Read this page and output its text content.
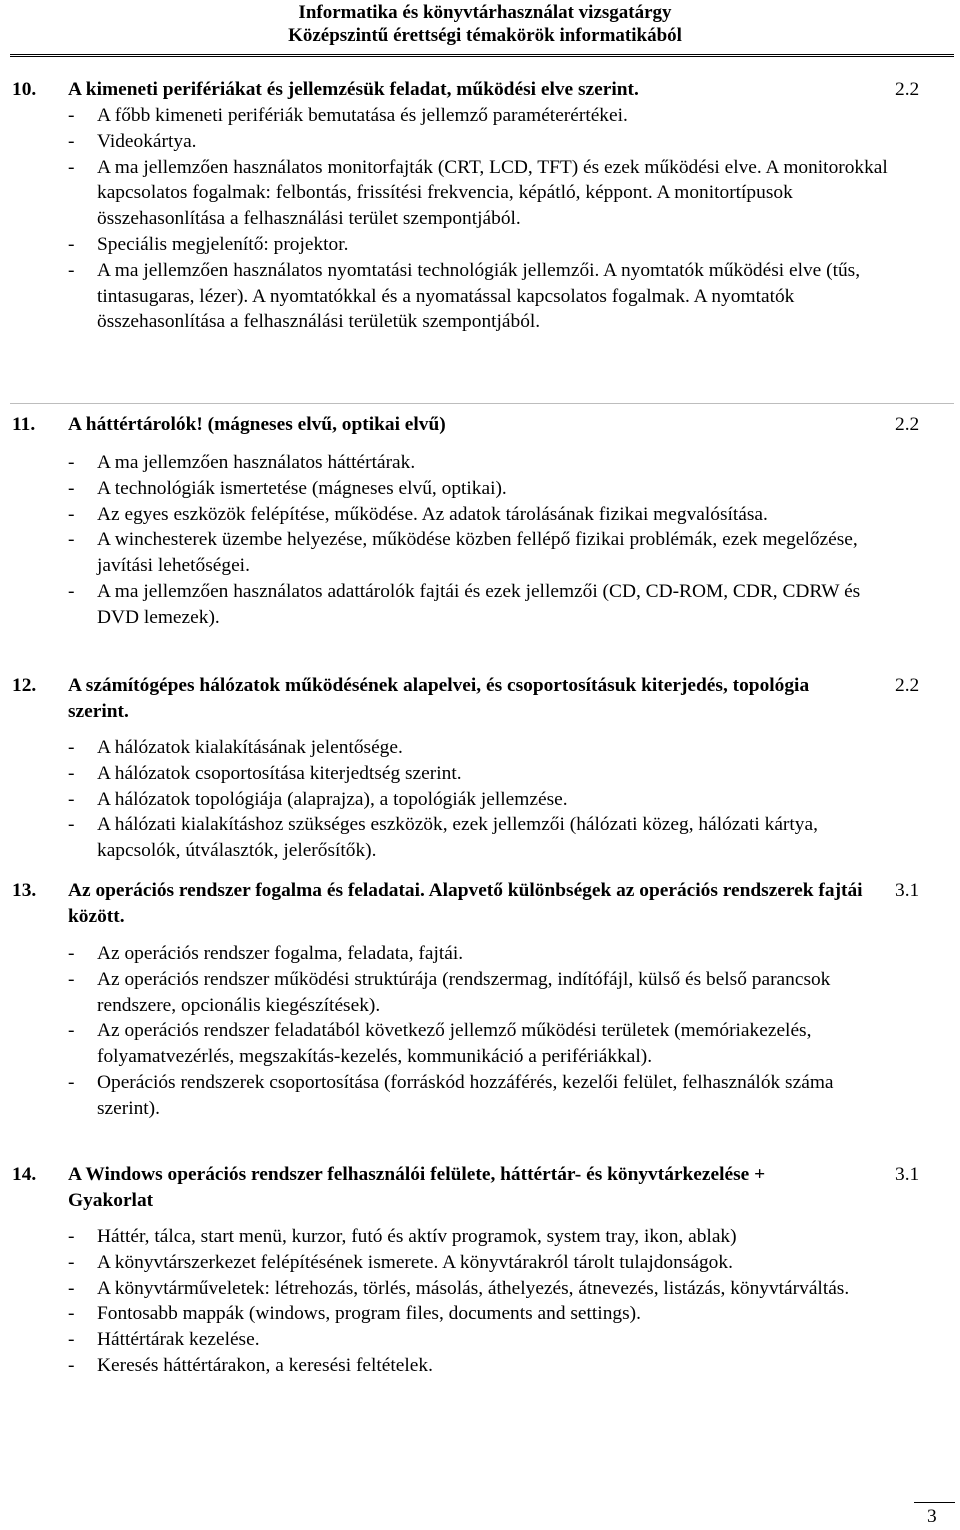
Informatika és könyvtárhasználat vizsgatárgy
Középszintű érettségi témakörök informatikából
10. A kimeneti perifériákat és jellemzésük feladat, működési elve szerint.	2.2
- A főbb kimeneti perifériák bemutatása és jellemző paraméterértékei.
- Videokártya.
- A ma jellemzően használatos monitorfajták (CRT, LCD, TFT) és ezek működési elve. A monitorokkal kapcsolatos fogalmak: felbontás, frissítési frekvencia, képátló, képpont. A monitortípusok összehasonlítása a felhasználási terület szempontjából.
- Speciális megjelenítő: projektor.
- A ma jellemzően használatos nyomtatási technológiák jellemzői. A nyomtatók működési elve (tűs, tintasugaras, lézer). A nyomtatókkal és a nyomatással kapcsolatos fogalmak. A nyomtatók összehasonlítása a felhasználási területük szempontjából.
11. A háttértárolók! (mágneses elvű, optikai elvű)	2.2
- A ma jellemzően használatos háttértárak.
- A technológiák ismertetése (mágneses elvű, optikai).
- Az egyes eszközök felépítése, működése. Az adatok tárolásának fizikai megvalósítása.
- A winchesterek üzembe helyezése, működése közben fellépő fizikai problémák, ezek megelőzése, javítási lehetőségei.
- A ma jellemzően használatos adattárolók fajtái és ezek jellemzői (CD, CD-ROM, CDR, CDRW és DVD lemezek).
12. A számítógépes hálózatok működésének alapelvei, és csoportosításuk kiterjedés, topológia szerint.
2.2
- A hálózatok kialakításának jelentősége.
- A hálózatok csoportosítása kiterjedtség szerint.
- A hálózatok topológiája (alaprajza), a topológiák jellemzése.
- A hálózati kialakításhoz szükséges eszközök, ezek jellemzői (hálózati közeg, hálózati kártya, kapcsolók, útválasztók, jelerősítők).
13. Az operációs rendszer fogalma és feladatai. Alapvető különbségek az operációs rendszerek fajtái között.
3.1
- Az operációs rendszer fogalma, feladata, fajtái.
- Az operációs rendszer működési struktúrája (rendszermag, indítófájl, külső és belső parancsok rendszere, opcionális kiegészítések).
- Az operációs rendszer feladatából következő jellemző működési területek (memóriakezelés, folyamatvezérlés, megszakítás-kezelés, kommunikáció a perifériákkal).
- Operációs rendszerek csoportosítása (forráskód hozzáférés, kezelői felület, felhasználók száma szerint).
14. A Windows operációs rendszer felhasználói felülete, háttértár- és könyvtárkezelése + Gyakorlat
3.1
- Háttér, tálca, start menü, kurzor, futó és aktív programok, system tray, ikon, ablak)
- A könyvtárszerkezet felépítésének ismerete. A könyvtárakról tárolt tulajdonságok.
- A könyvtárműveletek: létrehozás, törlés, másolás, áthelyezés, átnevezés, listázás, könyvtárváltás.
- Fontosabb mappák (windows, program files, documents and settings).
- Háttértárak kezelése.
- Keresés háttértárakon, a keresési feltételek.
3
